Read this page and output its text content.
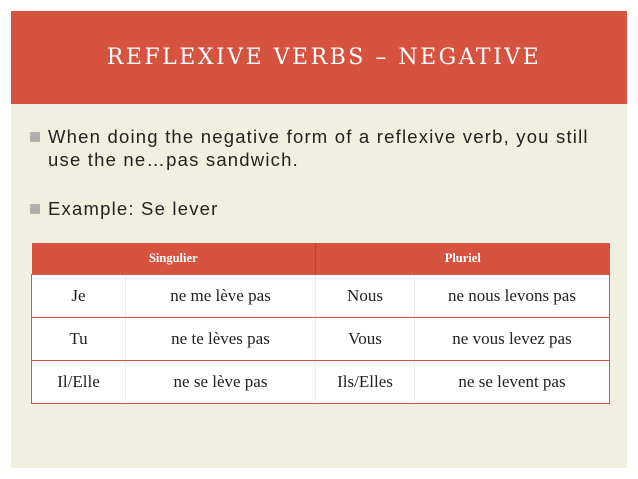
REFLEXIVE VERBS – NEGATIVE
When doing the negative form of a reflexive verb, you still use the ne…pas sandwich.
Example: Se lever
Singulier		Pluriel	
Je	ne me lève pas	Nous	ne nous levons pas
Tu	ne te lèves pas	Vous	ne vous levez pas
Il/Elle	ne se lève pas	Ils/Elles	ne se levent pas
